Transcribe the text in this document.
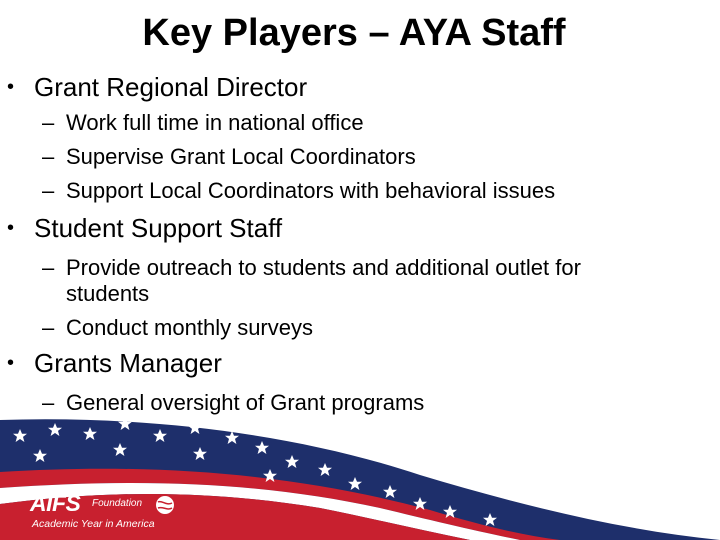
Key Players – AYA Staff
• Grant Regional Director
– Work full time in national office
– Supervise Grant Local Coordinators
– Support Local Coordinators with behavioral issues
• Student Support Staff
– Provide outreach to students and additional outlet for
students
– Conduct monthly surveys
• Grants Manager
– General oversight of Grant programs
AIFS Foundation
Academic Year in America
